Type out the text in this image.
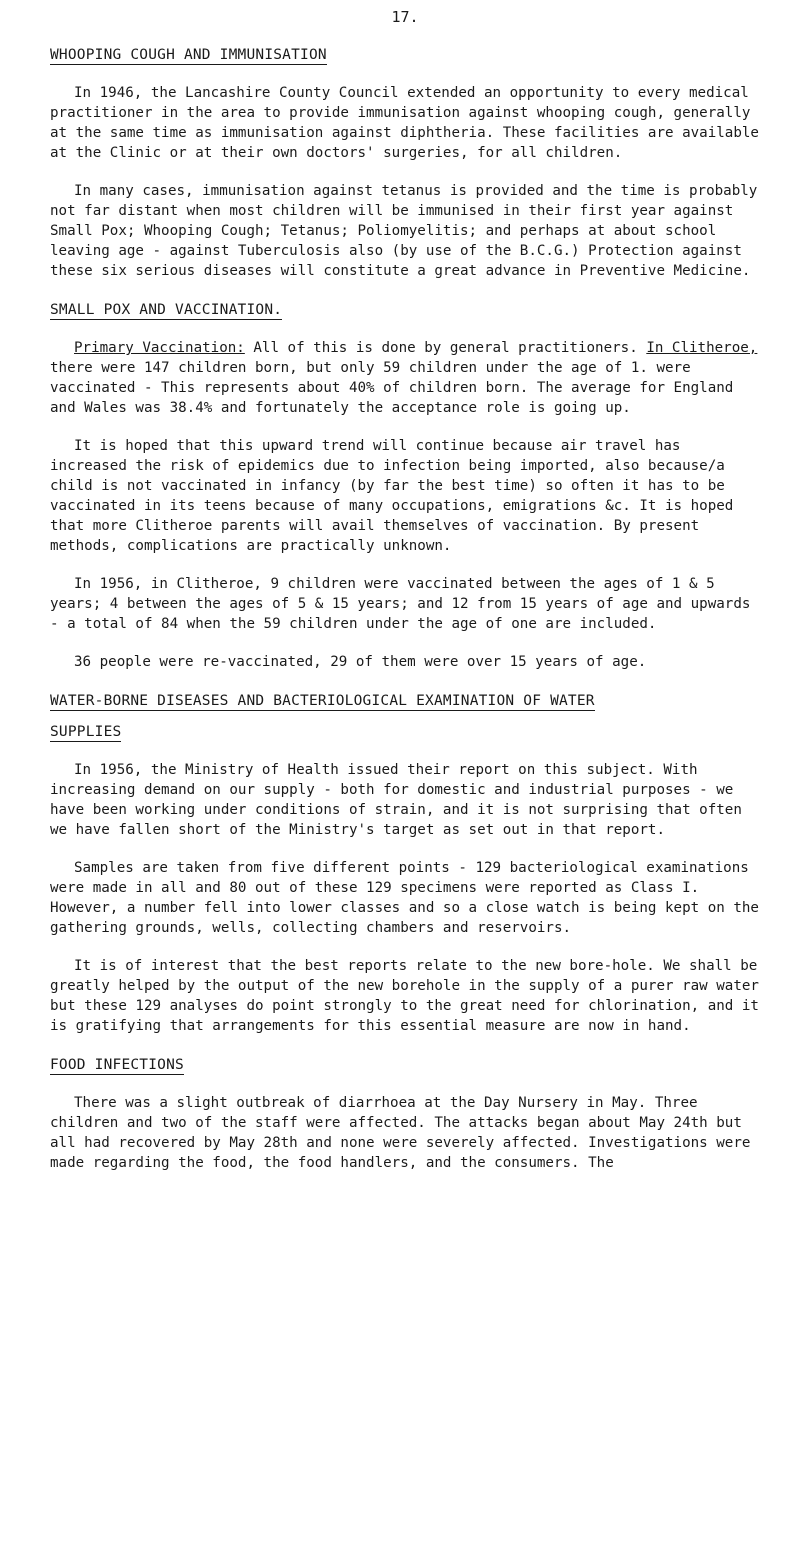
17.
WHOOPING COUGH AND IMMUNISATION

In 1946, the Lancashire County Council extended an opportunity to every medical practitioner in the area to provide immunisation against whooping cough, generally at the same time as immunisation against diphtheria. These facilities are available at the Clinic or at their own doctors' surgeries, for all children.

In many cases, immunisation against tetanus is provided and the time is probably not far distant when most children will be immunised in their first year against Small Pox; Whooping Cough; Tetanus; Poliomyelitis; and perhaps at about school leaving age - against Tuberculosis also (by use of the B.C.G.) Protection against these six serious diseases will constitute a great advance in Preventive Medicine.

SMALL POX AND VACCINATION.

Primary Vaccination: All of this is done by general practitioners. In Clitheroe, there were 147 children born, but only 59 children under the age of 1. were vaccinated - This represents about 40% of children born. The average for England and Wales was 38.4% and fortunately the acceptance role is going up.

It is hoped that this upward trend will continue because air travel has increased the risk of epidemics due to infection being imported, also because/a child is not vaccinated in infancy (by far the best time) so often it has to be vaccinated in its teens because of many occupations, emigrations &c. It is hoped that more Clitheroe parents will avail themselves of vaccination. By present methods, complications are practically unknown.

In 1956, in Clitheroe, 9 children were vaccinated between the ages of 1 & 5 years; 4 between the ages of 5 & 15 years; and 12 from 15 years of age and upwards - a total of 84 when the 59 children under the age of one are included.

36 people were re-vaccinated, 29 of them were over 15 years of age.

WATER-BORNE DISEASES AND BACTERIOLOGICAL EXAMINATION OF WATER
SUPPLIES

In 1956, the Ministry of Health issued their report on this subject. With increasing demand on our supply - both for domestic and industrial purposes - we have been working under conditions of strain, and it is not surprising that often we have fallen short of the Ministry's target as set out in that report.

Samples are taken from five different points - 129 bacteriological examinations were made in all and 80 out of these 129 specimens were reported as Class I. However, a number fell into lower classes and so a close watch is being kept on the gathering grounds, wells, collecting chambers and reservoirs.

It is of interest that the best reports relate to the new bore-hole. We shall be greatly helped by the output of the new borehole in the supply of a purer raw water but these 129 analyses do point strongly to the great need for chlorination, and it is gratifying that arrangements for this essential measure are now in hand.

FOOD INFECTIONS

There was a slight outbreak of diarrhoea at the Day Nursery in May. Three children and two of the staff were affected. The attacks began about May 24th but all had recovered by May 28th and none were severely affected. Investigations were made regarding the food, the food handlers, and the consumers. The
